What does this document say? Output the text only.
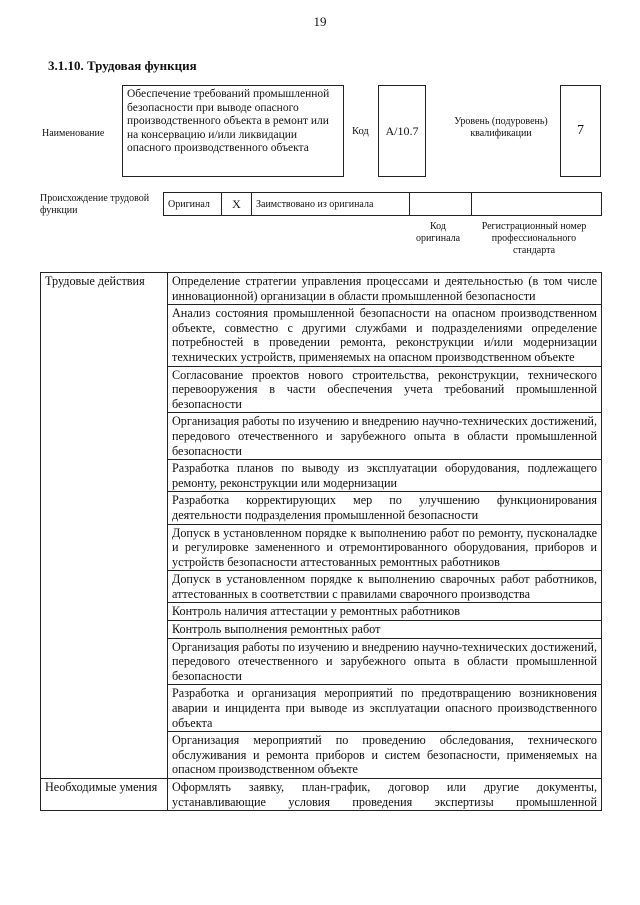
19
3.1.10. Трудовая функция
Наименование
Обеспечение требований промышленной безопасности при выводе опасного производственного объекта в ремонт или на консервацию и/или ликвидации опасного производственного объекта
Код	А/10.7
Уровень (подуровень) квалификации	7
Происхождение трудовой функции
Оригинал	X	Заимствовано из оригинала
Код оригинала
Регистрационный номер профессионального стандарта
Трудовые действия	Определение стратегии управления процессами и деятельностью (в том числе инновационной) организации в области промышленной безопасности
	Анализ состояния промышленной безопасности на опасном производственном объекте, совместно с другими службами и подразделениями определение потребностей в проведении ремонта, реконструкции и/или модернизации технических устройств, применяемых на опасном производственном объекте
	Согласование проектов нового строительства, реконструкции, технического перевооружения в части обеспечения учета требований промышленной безопасности
	Организация работы по изучению и внедрению научно-технических достижений, передового отечественного и зарубежного опыта в области промышленной безопасности
	Разработка планов по выводу из эксплуатации оборудования, подлежащего ремонту, реконструкции или модернизации
	Разработка корректирующих мер по улучшению функционирования деятельности подразделения промышленной безопасности
	Допуск в установленном порядке к выполнению работ по ремонту, пусконаладке и регулировке замененного и отремонтированного оборудования, приборов и устройств безопасности аттестованных ремонтных работников
	Допуск в установленном порядке к выполнению сварочных работ работников, аттестованных в соответствии с правилами сварочного производства
	Контроль наличия аттестации у ремонтных работников
	Контроль выполнения ремонтных работ
	Организация работы по изучению и внедрению научно-технических достижений, передового отечественного и зарубежного опыта в области промышленной безопасности
	Разработка и организация мероприятий по предотвращению возникновения аварии и инцидента при выводе из эксплуатации опасного производственного объекта
	Организация мероприятий по проведению обследования, технического обслуживания и ремонта приборов и систем безопасности, применяемых на опасном производственном объекте
Необходимые умения	Оформлять заявку, план-график, договор или другие документы, устанавливающие условия проведения экспертизы промышленной
